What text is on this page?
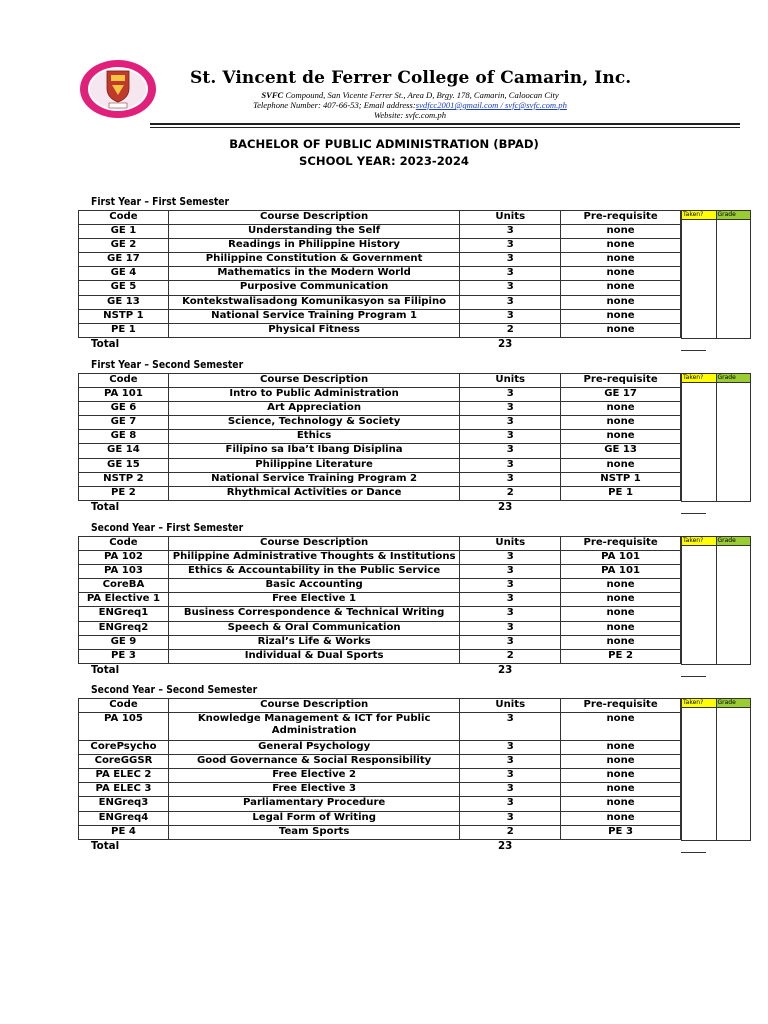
St. Vincent de Ferrer College of Camarin, Inc.
SVFC Compound, San Vicente Ferrer St., Area D, Brgy. 178, Camarin, Caloocan City
Telephone Number: 407-66-53; Email address:svdfcc2001@gmail.com / svfc@svfc.com.ph
Website: svfc.com.ph
BACHELOR OF PUBLIC ADMINISTRATION (BPAD)
SCHOOL YEAR: 2023-2024
First Year – First Semester
Code	Course Description	Units	Pre-requisite
GE 1	Understanding the Self	3	none
GE 2	Readings in Philippine History	3	none
GE 17	Philippine Constitution & Government	3	none
GE 4	Mathematics in the Modern World	3	none
GE 5	Purposive Communication	3	none
GE 13	Kontekstwalisadong Komunikasyon sa Filipino	3	none
NSTP 1	National Service Training Program 1	3	none
PE 1	Physical Fitness	2	none
Taken?	Grade
Total	23
First Year – Second Semester
Code	Course Description	Units	Pre-requisite
PA 101	Intro to Public Administration	3	GE 17
GE 6	Art Appreciation	3	none
GE 7	Science, Technology & Society	3	none
GE 8	Ethics	3	none
GE 14	Filipino sa Iba’t Ibang Disiplina	3	GE 13
GE 15	Philippine Literature	3	none
NSTP 2	National Service Training Program 2	3	NSTP 1
PE 2	Rhythmical Activities or Dance	2	PE 1
Taken?	Grade
Total	23
Second Year – First Semester
Code	Course Description	Units	Pre-requisite
PA 102	Philippine Administrative Thoughts & Institutions	3	PA 101
PA 103	Ethics & Accountability in the Public Service	3	PA 101
CoreBA	Basic Accounting	3	none
PA Elective 1	Free Elective 1	3	none
ENGreq1	Business Correspondence & Technical Writing	3	none
ENGreq2	Speech & Oral Communication	3	none
GE 9	Rizal’s Life & Works	3	none
PE 3	Individual & Dual Sports	2	PE 2
Taken?	Grade
Total	23
Second Year – Second Semester
Code	Course Description	Units	Pre-requisite
PA 105	Knowledge Management & ICT for Public Administration	3	none
CorePsycho	General Psychology	3	none
CoreGGSR	Good Governance & Social Responsibility	3	none
PA ELEC 2	Free Elective 2	3	none
PA ELEC 3	Free Elective 3	3	none
ENGreq3	Parliamentary Procedure	3	none
ENGreq4	Legal Form of Writing	3	none
PE 4	Team Sports	2	PE 3
Taken?	Grade
Total	23
